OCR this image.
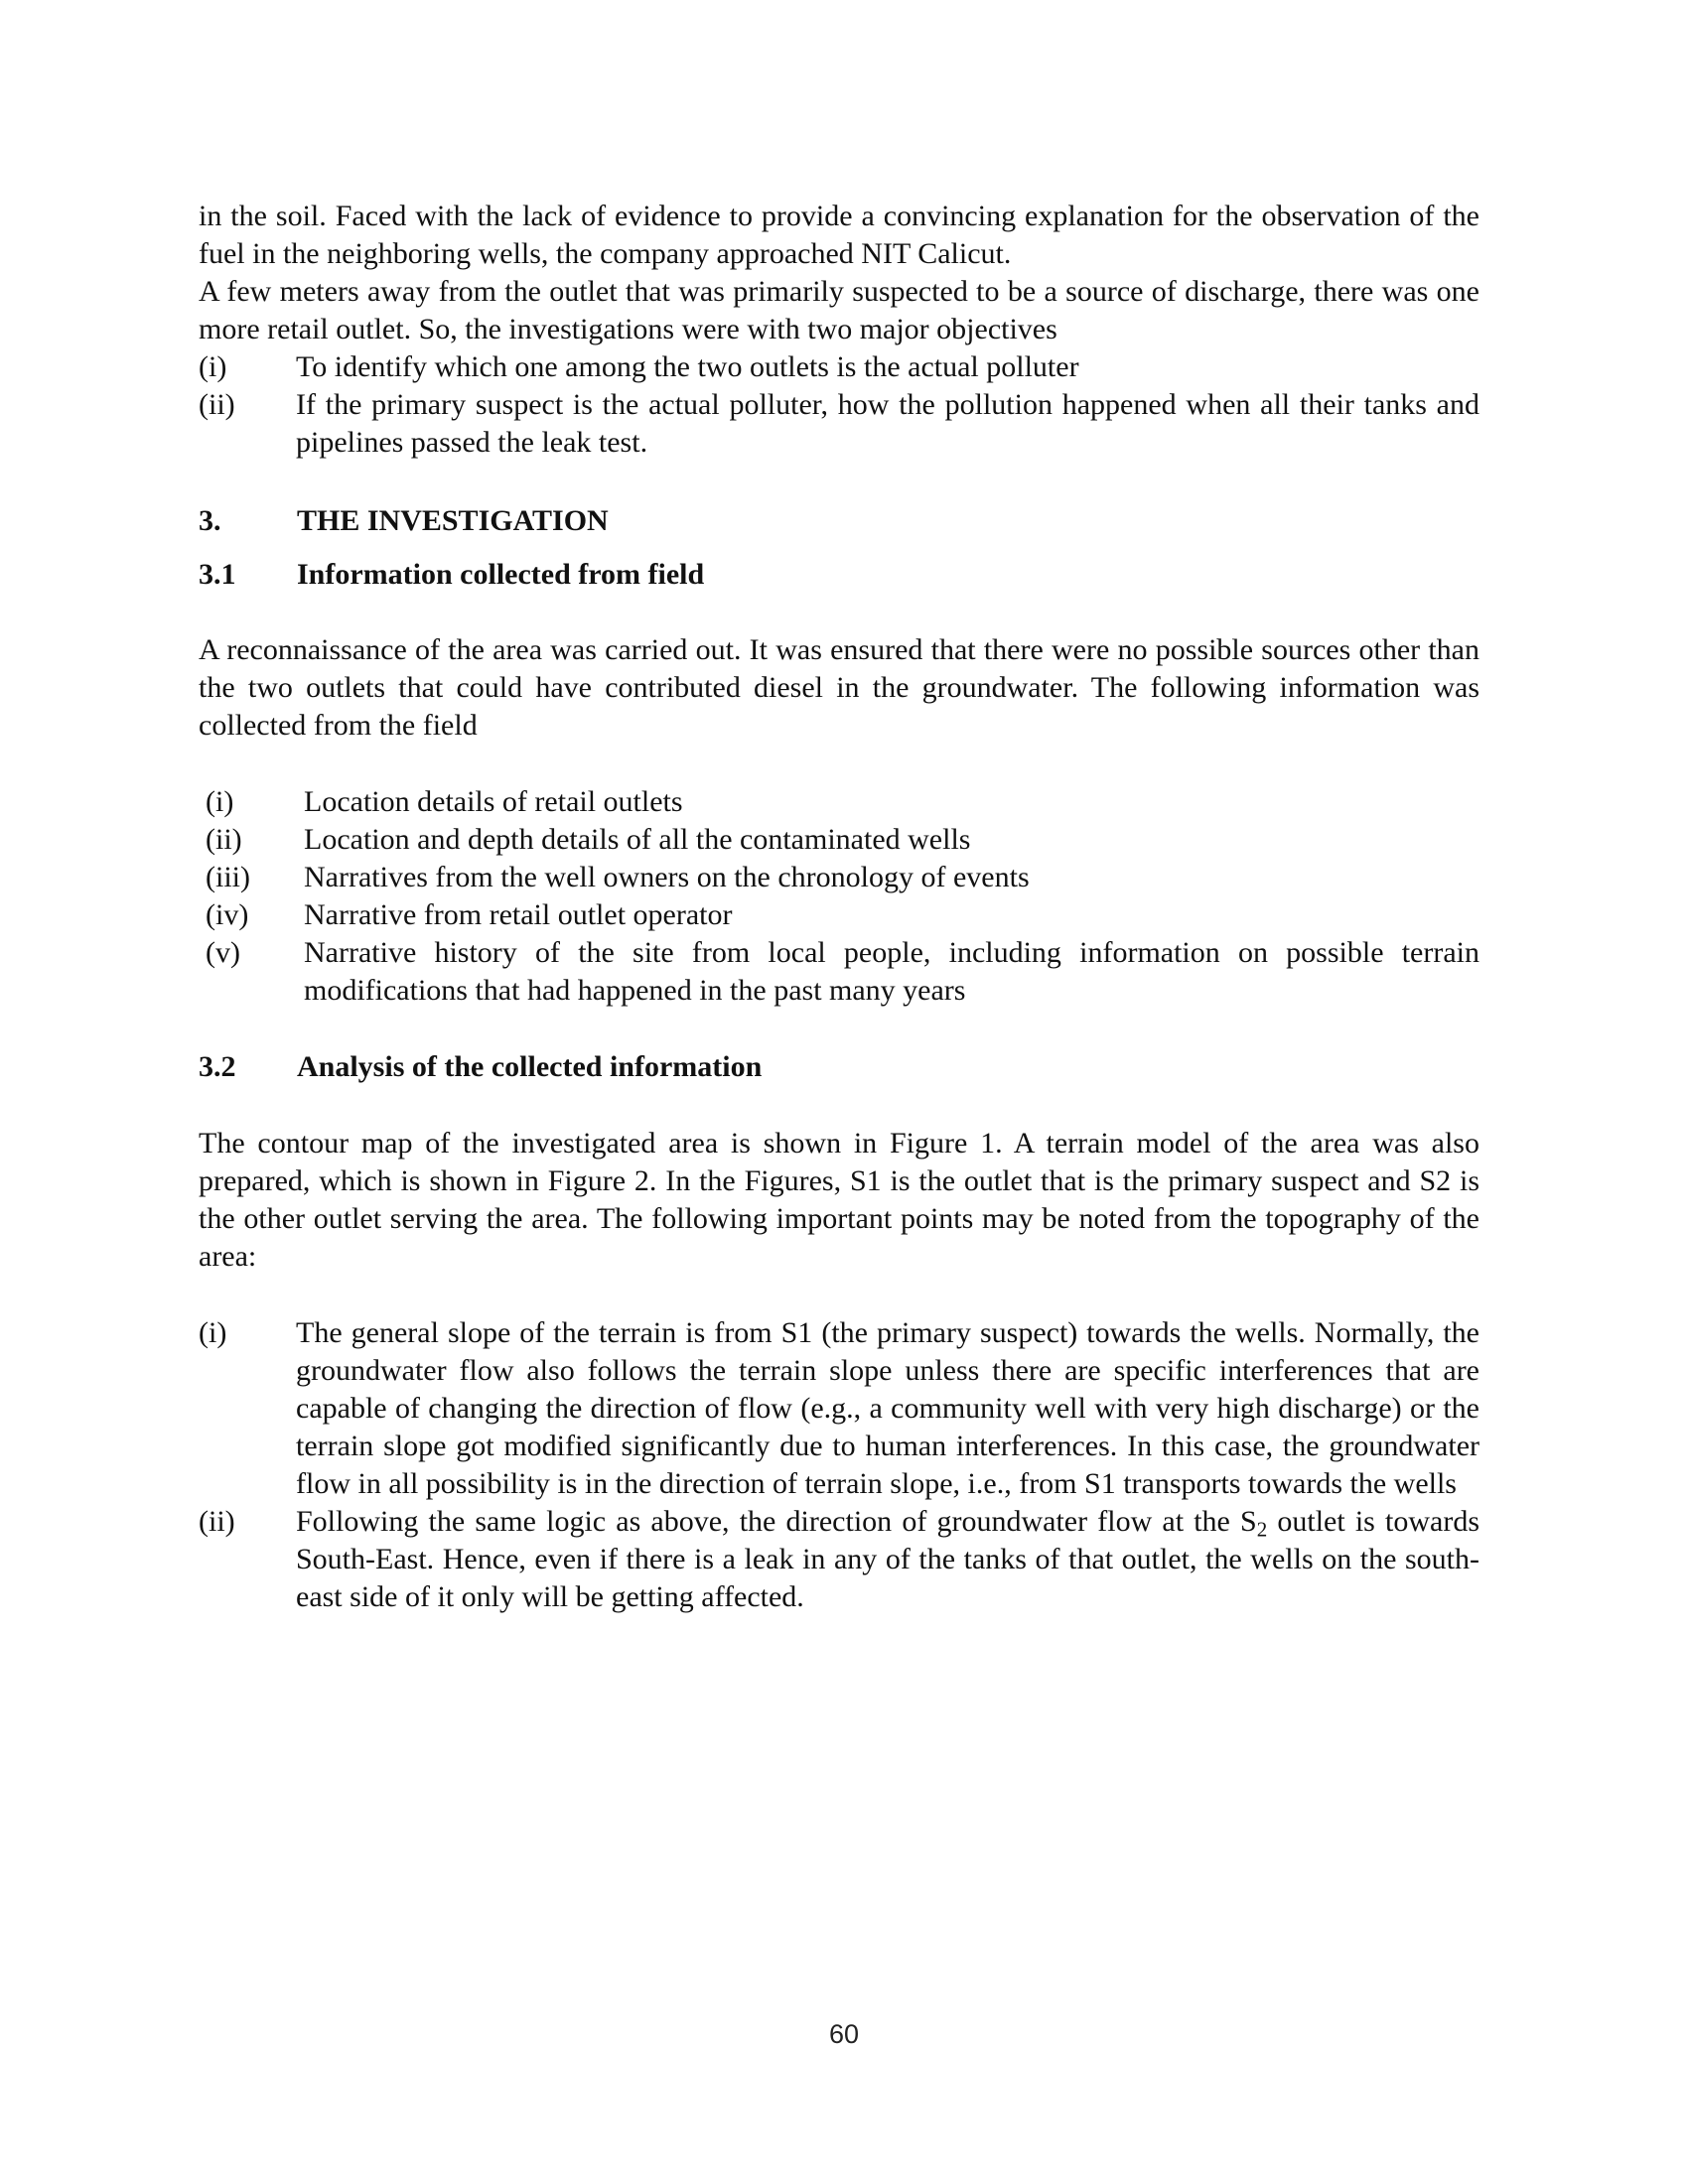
in the soil. Faced with the lack of evidence to provide a convincing explanation for the observation of the fuel in the neighboring wells, the company approached NIT Calicut.

A few meters away from the outlet that was primarily suspected to be a source of discharge, there was one more retail outlet. So, the investigations were with two major objectives

(i)	To identify which one among the two outlets is the actual polluter
(ii)	If the primary suspect is the actual polluter, how the pollution happened when all their tanks and pipelines passed the leak test.
3.	THE INVESTIGATION
3.1	Information collected from field

A reconnaissance of the area was carried out. It was ensured that there were no possible sources other than the two outlets that could have contributed diesel in the groundwater. The following information was collected from the field

(i)	Location details of retail outlets
(ii)	Location and depth details of all the contaminated wells
(iii)	Narratives from the well owners on the chronology of events
(iv)	Narrative from retail outlet operator
(v)	Narrative history of the site from local people, including information on possible terrain modifications that had happened in the past many years
3.2	Analysis of the collected information

The contour map of the investigated area is shown in Figure 1. A terrain model of the area was also prepared, which is shown in Figure 2. In the Figures, S1 is the outlet that is the primary suspect and S2 is the other outlet serving the area. The following important points may be noted from the topography of the area:

(i)	The general slope of the terrain is from S1 (the primary suspect) towards the wells. Normally, the groundwater flow also follows the terrain slope unless there are specific interferences that are capable of changing the direction of flow (e.g., a community well with very high discharge) or the terrain slope got modified significantly due to human interferences. In this case, the groundwater flow in all possibility is in the direction of terrain slope, i.e., from S1 transports towards the wells
(ii)	Following the same logic as above, the direction of groundwater flow at the $S_2$ outlet is towards South-East. Hence, even if there is a leak in any of the tanks of that outlet, the wells on the south-east side of it only will be getting affected.
60
